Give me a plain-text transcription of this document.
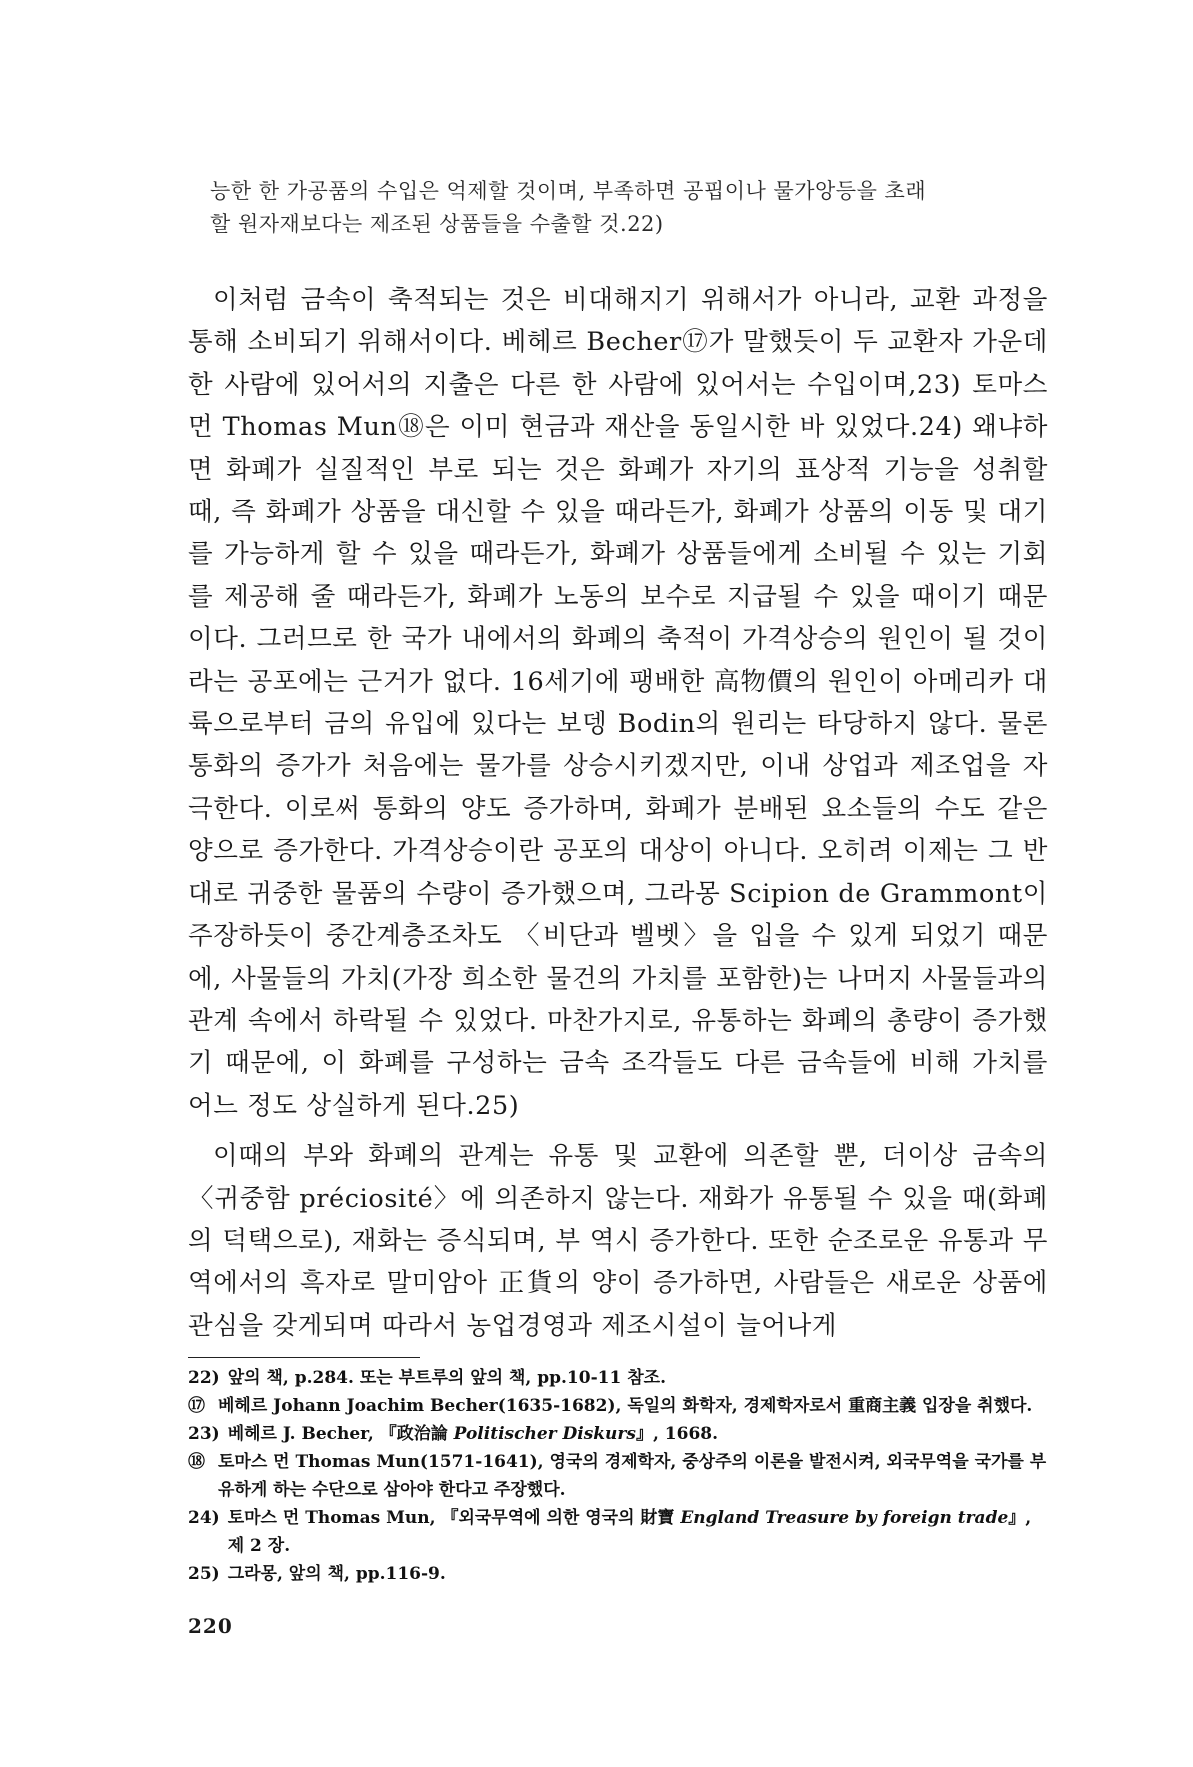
능한 한 가공품의 수입은 억제할 것이며, 부족하면 공핍이나 물가앙등을 초래

할 원자재보다는 제조된 상품들을 수출할 것.22)

이처럼 금속이 축적되는 것은 비대해지기 위해서가 아니라, 교환 과정을 통해 소비되기 위해서이다. 베헤르 Becher⑰가 말했듯이 두 교환자 가운데 한 사람에 있어서의 지출은 다른 한 사람에 있어서는 수입이며,23) 토마스 먼 Thomas Mun⑱은 이미 현금과 재산을 동일시한 바 있었다.24) 왜냐하면 화폐가 실질적인 부로 되는 것은 화폐가 자기의 표상적 기능을 성취할 때, 즉 화폐가 상품을 대신할 수 있을 때라든가, 화폐가 상품의 이동 및 대기를 가능하게 할 수 있을 때라든가, 화폐가 상품들에게 소비될 수 있는 기회를 제공해 줄 때라든가, 화폐가 노동의 보수로 지급될 수 있을 때이기 때문이다. 그러므로 한 국가 내에서의 화폐의 축적이 가격상승의 원인이 될 것이라는 공포에는 근거가 없다. 16세기에 팽배한 高物價의 원인이 아메리카 대륙으로부터 금의 유입에 있다는 보뎅 Bodin의 원리는 타당하지 않다. 물론 통화의 증가가 처음에는 물가를 상승시키겠지만, 이내 상업과 제조업을 자극한다. 이로써 통화의 양도 증가하며, 화폐가 분배된 요소들의 수도 같은 양으로 증가한다. 가격상승이란 공포의 대상이 아니다. 오히려 이제는 그 반대로 귀중한 물품의 수량이 증가했으며, 그라몽 Scipion de Grammont이 주장하듯이 중간계층조차도 〈비단과 벨벳〉을 입을 수 있게 되었기 때문에, 사물들의 가치(가장 희소한 물건의 가치를 포함한)는 나머지 사물들과의 관계 속에서 하락될 수 있었다. 마찬가지로, 유통하는 화폐의 총량이 증가했기 때문에, 이 화폐를 구성하는 금속 조각들도 다른 금속들에 비해 가치를 어느 정도 상실하게 된다.25)

이때의 부와 화폐의 관계는 유통 및 교환에 의존할 뿐, 더이상 금속의 〈귀중함 préciosité〉에 의존하지 않는다. 재화가 유통될 수 있을 때(화폐의 덕택으로), 재화는 증식되며, 부 역시 증가한다. 또한 순조로운 유통과 무역에서의 흑자로 말미암아 正貨의 양이 증가하면, 사람들은 새로운 상품에 관심을 갖게되며 따라서 농업경영과 제조시설이 늘어나게

22) 앞의 책, p.284. 또는 부트루의 앞의 책, pp.10-11 참조.
⑰ 베헤르 Johann Joachim Becher(1635-1682), 독일의 화학자, 경제학자로서 重商主義 입장을 취했다.
23) 베헤르 J. Becher, 『政治論 Politischer Diskurs』, 1668.
⑱ 토마스 먼 Thomas Mun(1571-1641), 영국의 경제학자, 중상주의 이론을 발전시켜, 외국무역을 국가를 부유하게 하는 수단으로 삼아야 한다고 주장했다.
24) 토마스 먼 Thomas Mun, 『외국무역에 의한 영국의 財寶 England Treasure by foreign trade』, 제 2 장.
25) 그라몽, 앞의 책, pp.116-9.
220
